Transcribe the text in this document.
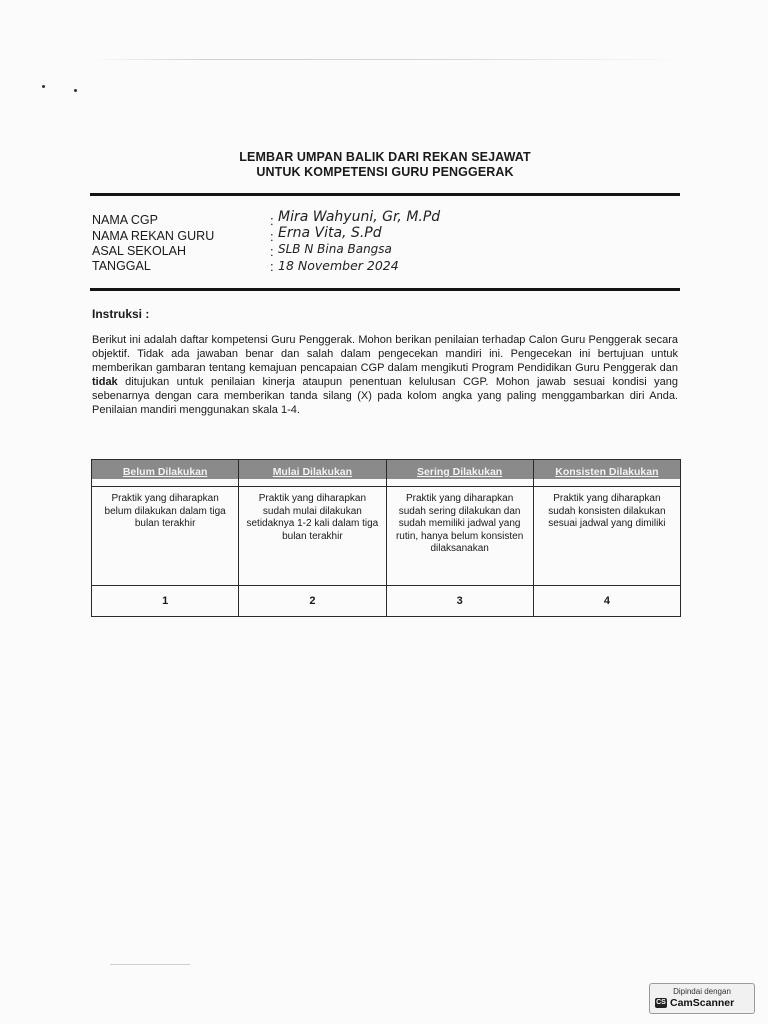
LEMBAR UMPAN BALIK DARI REKAN SEJAWAT
UNTUK KOMPETENSI GURU PENGGERAK
NAMA CGP	: Mira Wahyuni, Gr, M.Pd
NAMA REKAN GURU	: Erna Vita, S.Pd
ASAL SEKOLAH	: SLB N Bina Bangsa
TANGGAL	: 18 November 2024
Instruksi :
Berikut ini adalah daftar kompetensi Guru Penggerak. Mohon berikan penilaian terhadap Calon Guru Penggerak secara objektif. Tidak ada jawaban benar dan salah dalam pengecekan mandiri ini. Pengecekan ini bertujuan untuk memberikan gambaran tentang kemajuan pencapaian CGP dalam mengikuti Program Pendidikan Guru Penggerak dan tidak ditujukan untuk penilaian kinerja ataupun penentuan kelulusan CGP. Mohon jawab sesuai kondisi yang sebenarnya dengan cara memberikan tanda silang (X) pada kolom angka yang paling menggambarkan diri Anda. Penilaian mandiri menggunakan skala 1-4.
Belum Dilakukan	Mulai Dilakukan	Sering Dilakukan	Konsisten Dilakukan
Praktik yang diharapkan belum dilakukan dalam tiga bulan terakhir	Praktik yang diharapkan sudah mulai dilakukan setidaknya 1-2 kali dalam tiga bulan terakhir	Praktik yang diharapkan sudah sering dilakukan dan sudah memiliki jadwal yang rutin, hanya belum konsisten dilaksanakan	Praktik yang diharapkan sudah konsisten dilakukan sesuai jadwal yang dimiliki
1	2	3	4
Dipindai dengan
CS CamScanner
